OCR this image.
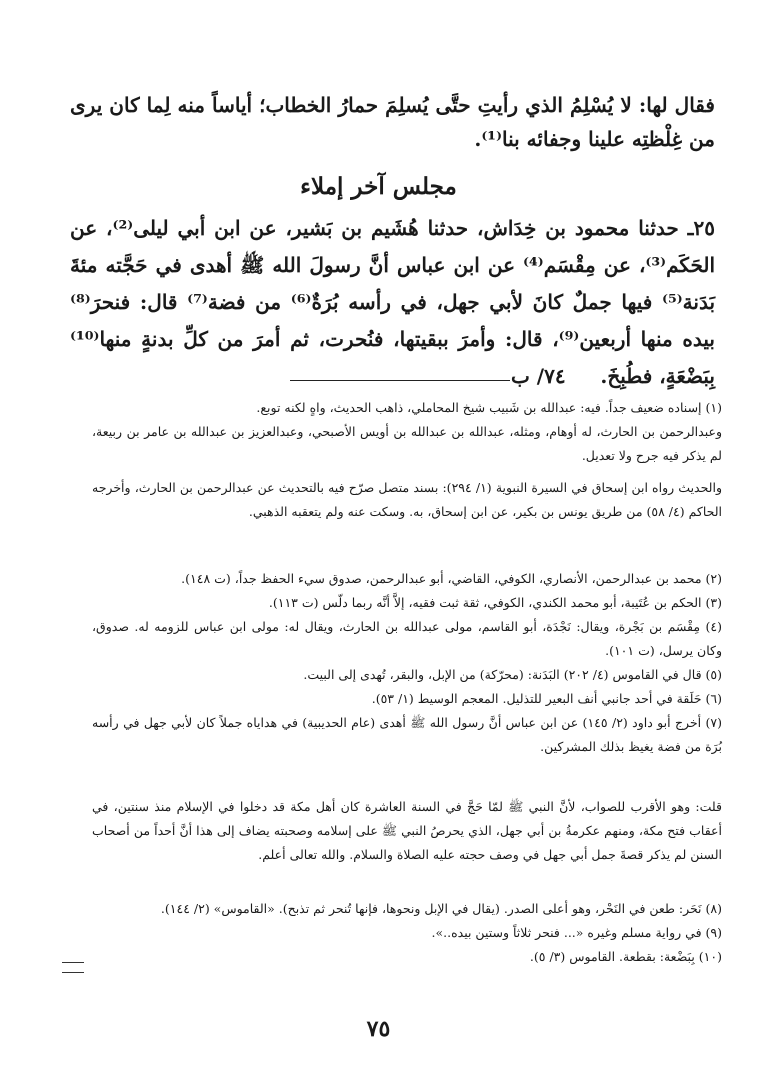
فقال لها: لا يُسْلِمُ الذي رأيتِ حتَّى يُسلِمَ حمارُ الخطاب؛ أياساً منه لِما كان يرى من غِلْظتِه علينا وجفائه بنا⁽¹⁾.

مجلس آخر إملاء

٢٥ـ حدثنا محمود بن خِدَاش، حدثنا هُشَيم بن بَشير، عن ابن أبي ليلى⁽²⁾، عن الحَكَم⁽³⁾، عن مِقْسَم⁽⁴⁾ عن ابن عباس أنَّ رسولَ الله ﷺ أهدى في حَجَّته مئةَ بَدَنة⁽⁵⁾ فيها جملٌ كانَ لأبي جهل، في رأسه بُرَةٌ⁽⁶⁾ من فضة⁽⁷⁾ قال: فنحرَ⁽⁸⁾ بيده منها أربعين⁽⁹⁾، قال: وأمرَ ببقيتها، فنُحرت، ثم أمرَ من كلِّ بدنةٍ منها⁽¹⁰⁾ بِبَضْعَةٍ، فطُبِخَ.     ٧٤/ ب

(١) إسناده ضعيف جداً. فيه: عبدالله بن شَبيب شيخ المحاملي، ذاهب الحديث، واهٍ لكنه توبع.

وعبدالرحمن بن الحارث، له أوهام، ومثله، عبدالله بن عبدالله بن أويس الأصبحي، وعبدالعزيز بن عبدالله بن عامر بن ربيعة، لم يذكر فيه جرح ولا تعديل.

والحديث رواه ابن إسحاق في السيرة النبوية (١/ ٢٩٤): بسند متصل صرّح فيه بالتحديث عن عبدالرحمن بن الحارث، وأخرجه الحاكم (٤/ ٥٨) من طريق يونس بن بكير، عن ابن إسحاق، به. وسكت عنه ولم يتعقبه الذهبي.

(٢) محمد بن عبدالرحمن، الأنصاري، الكوفي، القاضي، أبو عبدالرحمن، صدوق سيء الحفظ جداً، (ت ١٤٨).

(٣) الحكم بن عُتَيبة، أبو محمد الكندي، الكوفي، ثقة ثبت فقيه، إلاَّ أنَّه ربما دلّس (ت ١١٣).

(٤) مِقْسَم بن بَجْرة، ويقال: نَجْدَة، أبو القاسم، مولى عبدالله بن الحارث، ويقال له: مولى ابن عباس للزومه له. صدوق، وكان يرسل، (ت ١٠١).

(٥) قال في القاموس (٤/ ٢٠٢) البَدَنة: (محرّكة) من الإبل، والبقر، تُهدى إلى البيت.

(٦) حَلَقة في أحد جانبي أنف البعير للتذليل. المعجم الوسيط (١/ ٥٣).

(٧) أخرج أبو داود (٢/ ١٤٥) عن ابن عباس أنَّ رسول الله ﷺ أهدى (عام الحديبية) في هداياه جملاً كان لأبي جهل في رأسه بُرَة من فضة يغيظ بذلك المشركين.

قلت: وهو الأقرب للصواب، لأنَّ النبي ﷺ لمّا حَجَّ في السنة العاشرة كان أهل مكة قد دخلوا في الإسلام منذ سنتين، في أعقاب فتح مكة، ومنهم عكرمةُ بن أبي جهل، الذي يحرصُ النبي ﷺ على إسلامه وصحبته يضاف إلى هذا أنَّ أحداً من أصحاب السنن لم يذكر قصةَ جمل أبي جهل في وصف حجته عليه الصلاة والسلام. والله تعالى أعلم.

(٨) نَحَر: طعن في النَحْر، وهو أعلى الصدر. (يقال في الإبل ونحوها، فإنها تُنحر ثم تذبح). «القاموس» (٢/ ١٤٤).

(٩) في رواية مسلم وغيره «... فنحر ثلاثاً وستين بيده..».

(١٠) بِبَضْعة: بقطعة. القاموس (٣/ ٥).

٧٥
